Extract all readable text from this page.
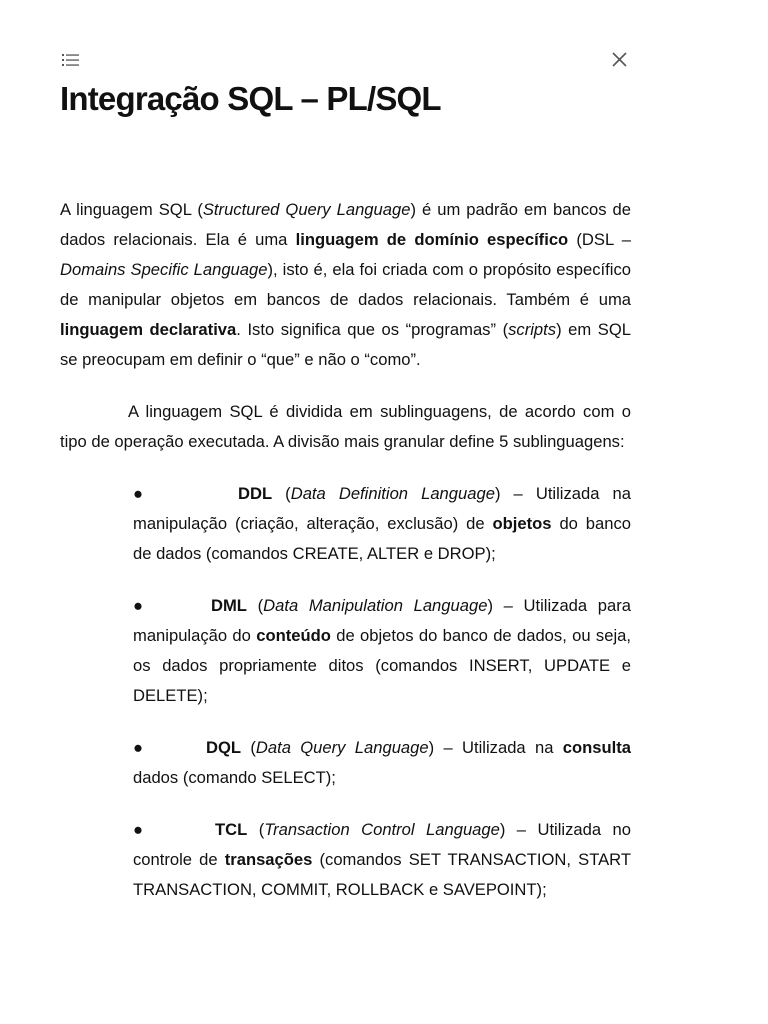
Integração SQL – PL/SQL

A linguagem SQL (Structured Query Language) é um padrão em bancos de dados relacionais. Ela é uma linguagem de domínio específico (DSL – Domains Specific Language), isto é, ela foi criada com o propósito específico de manipular objetos em bancos de dados relacionais. Também é uma linguagem declarativa. Isto significa que os “programas” (scripts) em SQL se preocupam em definir o “que” e não o “como”.

A linguagem SQL é dividida em sublinguagens, de acordo com o tipo de operação executada. A divisão mais granular define 5 sublinguagens:

●	DDL (Data Definition Language) – Utilizada na manipulação (criação, alteração, exclusão) de objetos do banco de dados (comandos CREATE, ALTER e DROP);
●	DML (Data Manipulation Language) – Utilizada para manipulação do conteúdo de objetos do banco de dados, ou seja, os dados propriamente ditos (comandos INSERT, UPDATE e DELETE);
●	DQL (Data Query Language) – Utilizada na consulta dados (comando SELECT);
●	TCL (Transaction Control Language) – Utilizada no controle de transações (comandos SET TRANSACTION, START TRANSACTION, COMMIT, ROLLBACK e SAVEPOINT);
